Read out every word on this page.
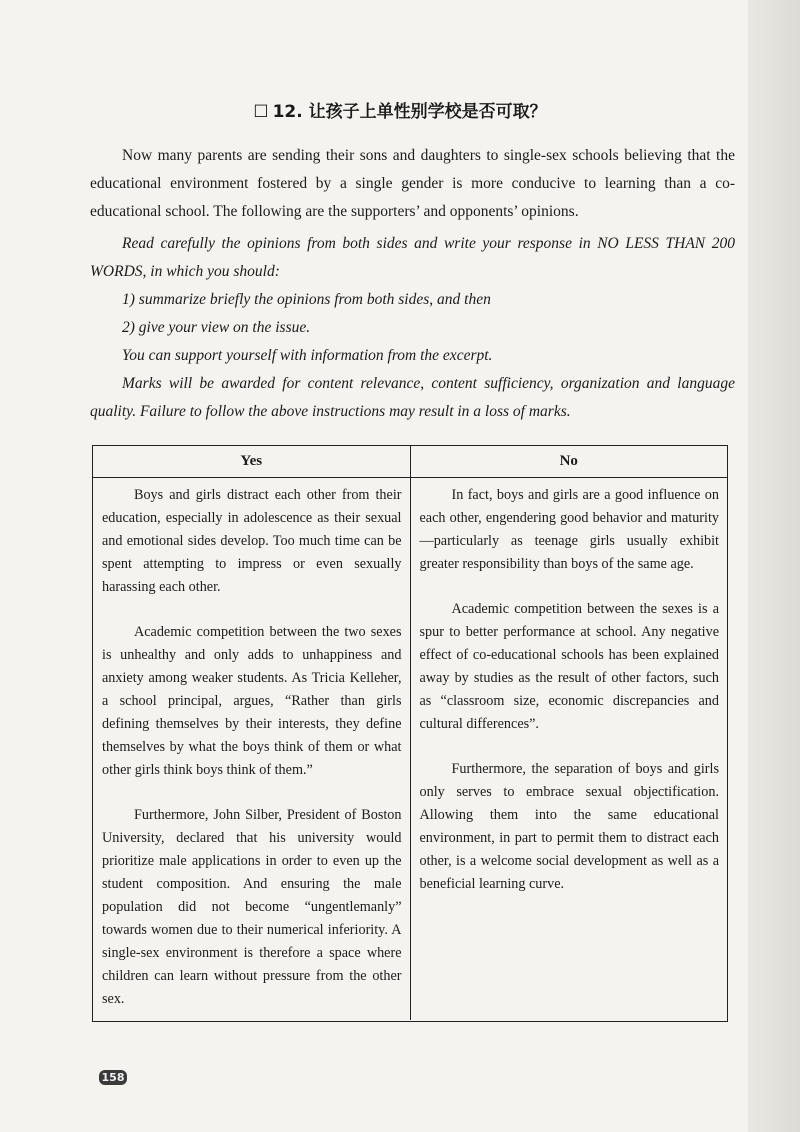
☐ 12. 让孩子上单性别学校是否可取？

Now many parents are sending their sons and daughters to single-sex schools believing that the educational environment fostered by a single gender is more conducive to learning than a co-educational school. The following are the supporters’ and opponents’ opinions.

Read carefully the opinions from both sides and write your response in NO LESS THAN 200 WORDS, in which you should:

1) summarize briefly the opinions from both sides, and then

2) give your view on the issue.

You can support yourself with information from the excerpt.

Marks will be awarded for content relevance, content sufficiency, organization and language quality. Failure to follow the above instructions may result in a loss of marks.

Yes	No

Boys and girls distract each other from their education, especially in adolescence as their sexual and emotional sides develop. Too much time can be spent attempting to impress or even sexually harassing each other.

Academic competition between the two sexes is unhealthy and only adds to unhappiness and anxiety among weaker students. As Tricia Kelleher, a school principal, argues, “Rather than girls defining themselves by their interests, they define themselves by what the boys think of them or what other girls think boys think of them.”

Furthermore, John Silber, President of Boston University, declared that his university would prioritize male applications in order to even up the student composition. And ensuring the male population did not become “ungentlemanly” towards women due to their numerical inferiority. A single-sex environment is therefore a space where children can learn without pressure from the other sex.

In fact, boys and girls are a good influence on each other, engendering good behavior and maturity—particularly as teenage girls usually exhibit greater responsibility than boys of the same age.

Academic competition between the sexes is a spur to better performance at school. Any negative effect of co-educational schools has been explained away by studies as the result of other factors, such as “classroom size, economic discrepancies and cultural differences”.

Furthermore, the separation of boys and girls only serves to embrace sexual objectification. Allowing them into the same educational environment, in part to permit them to distract each other, is a welcome social development as well as a beneficial learning curve.

158
